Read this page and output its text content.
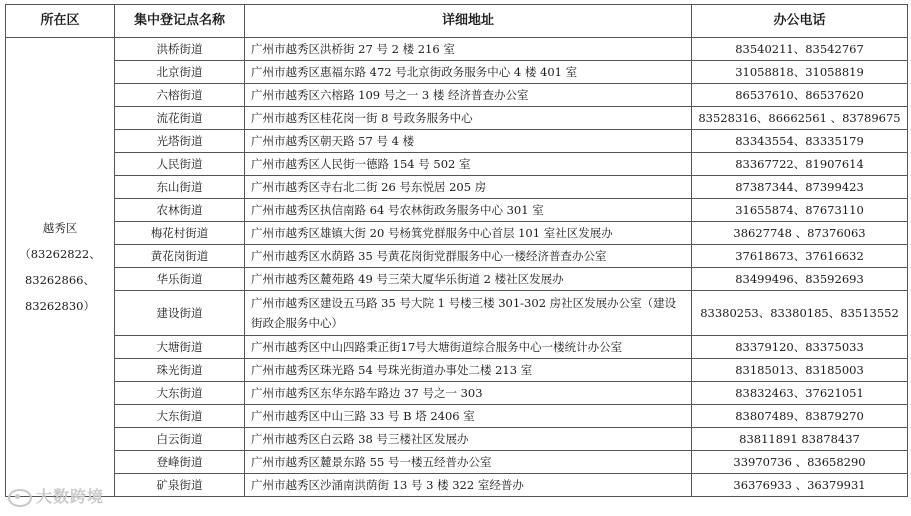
所在区	集中登记点名称	详细地址	办公电话

越秀区
（83262822、
83262866、
83262830）	洪桥街道	广州市越秀区洪桥街 27 号 2 楼 216 室	83540211、83542767
	北京街道	广州市越秀区惠福东路 472 号北京街政务服务中心 4 楼 401 室	31058818、31058819
	六榕街道	广州市越秀区六榕路 109 号之一 3 楼 经济普查办公室	86537610、86537620
	流花街道	广州市越秀区桂花岗一街 8 号政务服务中心	83528316、86662561 、83789675
	光塔街道	广州市越秀区朝天路 57 号 4 楼	83343554、83335179
	人民街道	广州市越秀区人民街一德路 154 号 502 室	83367722、81907614
	东山街道	广州市越秀区寺右北二街 26 号东悦居 205 房	87387344、87399423
	农林街道	广州市越秀区执信南路 64 号农林街政务服务中心 301 室	31655874、87673110
	梅花村街道	广州市越秀区雄镇大街 20 号杨箕党群服务中心首层 101 室社区发展办	38627748 、87376063
	黄花岗街道	广州市越秀区水荫路 35 号黄花岗街党群服务中心一楼经济普查办公室	37618673、37616632
	华乐街道	广州市越秀区麓苑路 49 号三荣大厦华乐街道 2 楼社区发展办	83499496、83592693
	建设街道	广州市越秀区建设五马路 35 号大院 1 号楼三楼 301-302 房社区发展办公室（建设街政企服务中心）	83380253、83380185、83513552
	大塘街道	广州市越秀区中山四路秉正街17号大塘街道综合服务中心一楼统计办公室	83379120、83375033
	珠光街道	广州市越秀区珠光路 54 号珠光街道办事处二楼 213 室	83185013、83185003
	大东街道	广州市越秀区东华东路车路边 37 号之一 303	83832463、37621051
	大东街道	广州市越秀区中山三路 33 号 B 塔 2406 室	83807489、83879270
	白云街道	广州市越秀区白云路 38 号三楼社区发展办	83811891 83878437
	登峰街道	广州市越秀区麓景东路 55 号一楼五经普办公室	33970736 、83658290
	矿泉街道	广州市越秀区沙涌南洪荫街 13 号 3 楼 322 室经普办	36376933 、36379931
大数跨境
